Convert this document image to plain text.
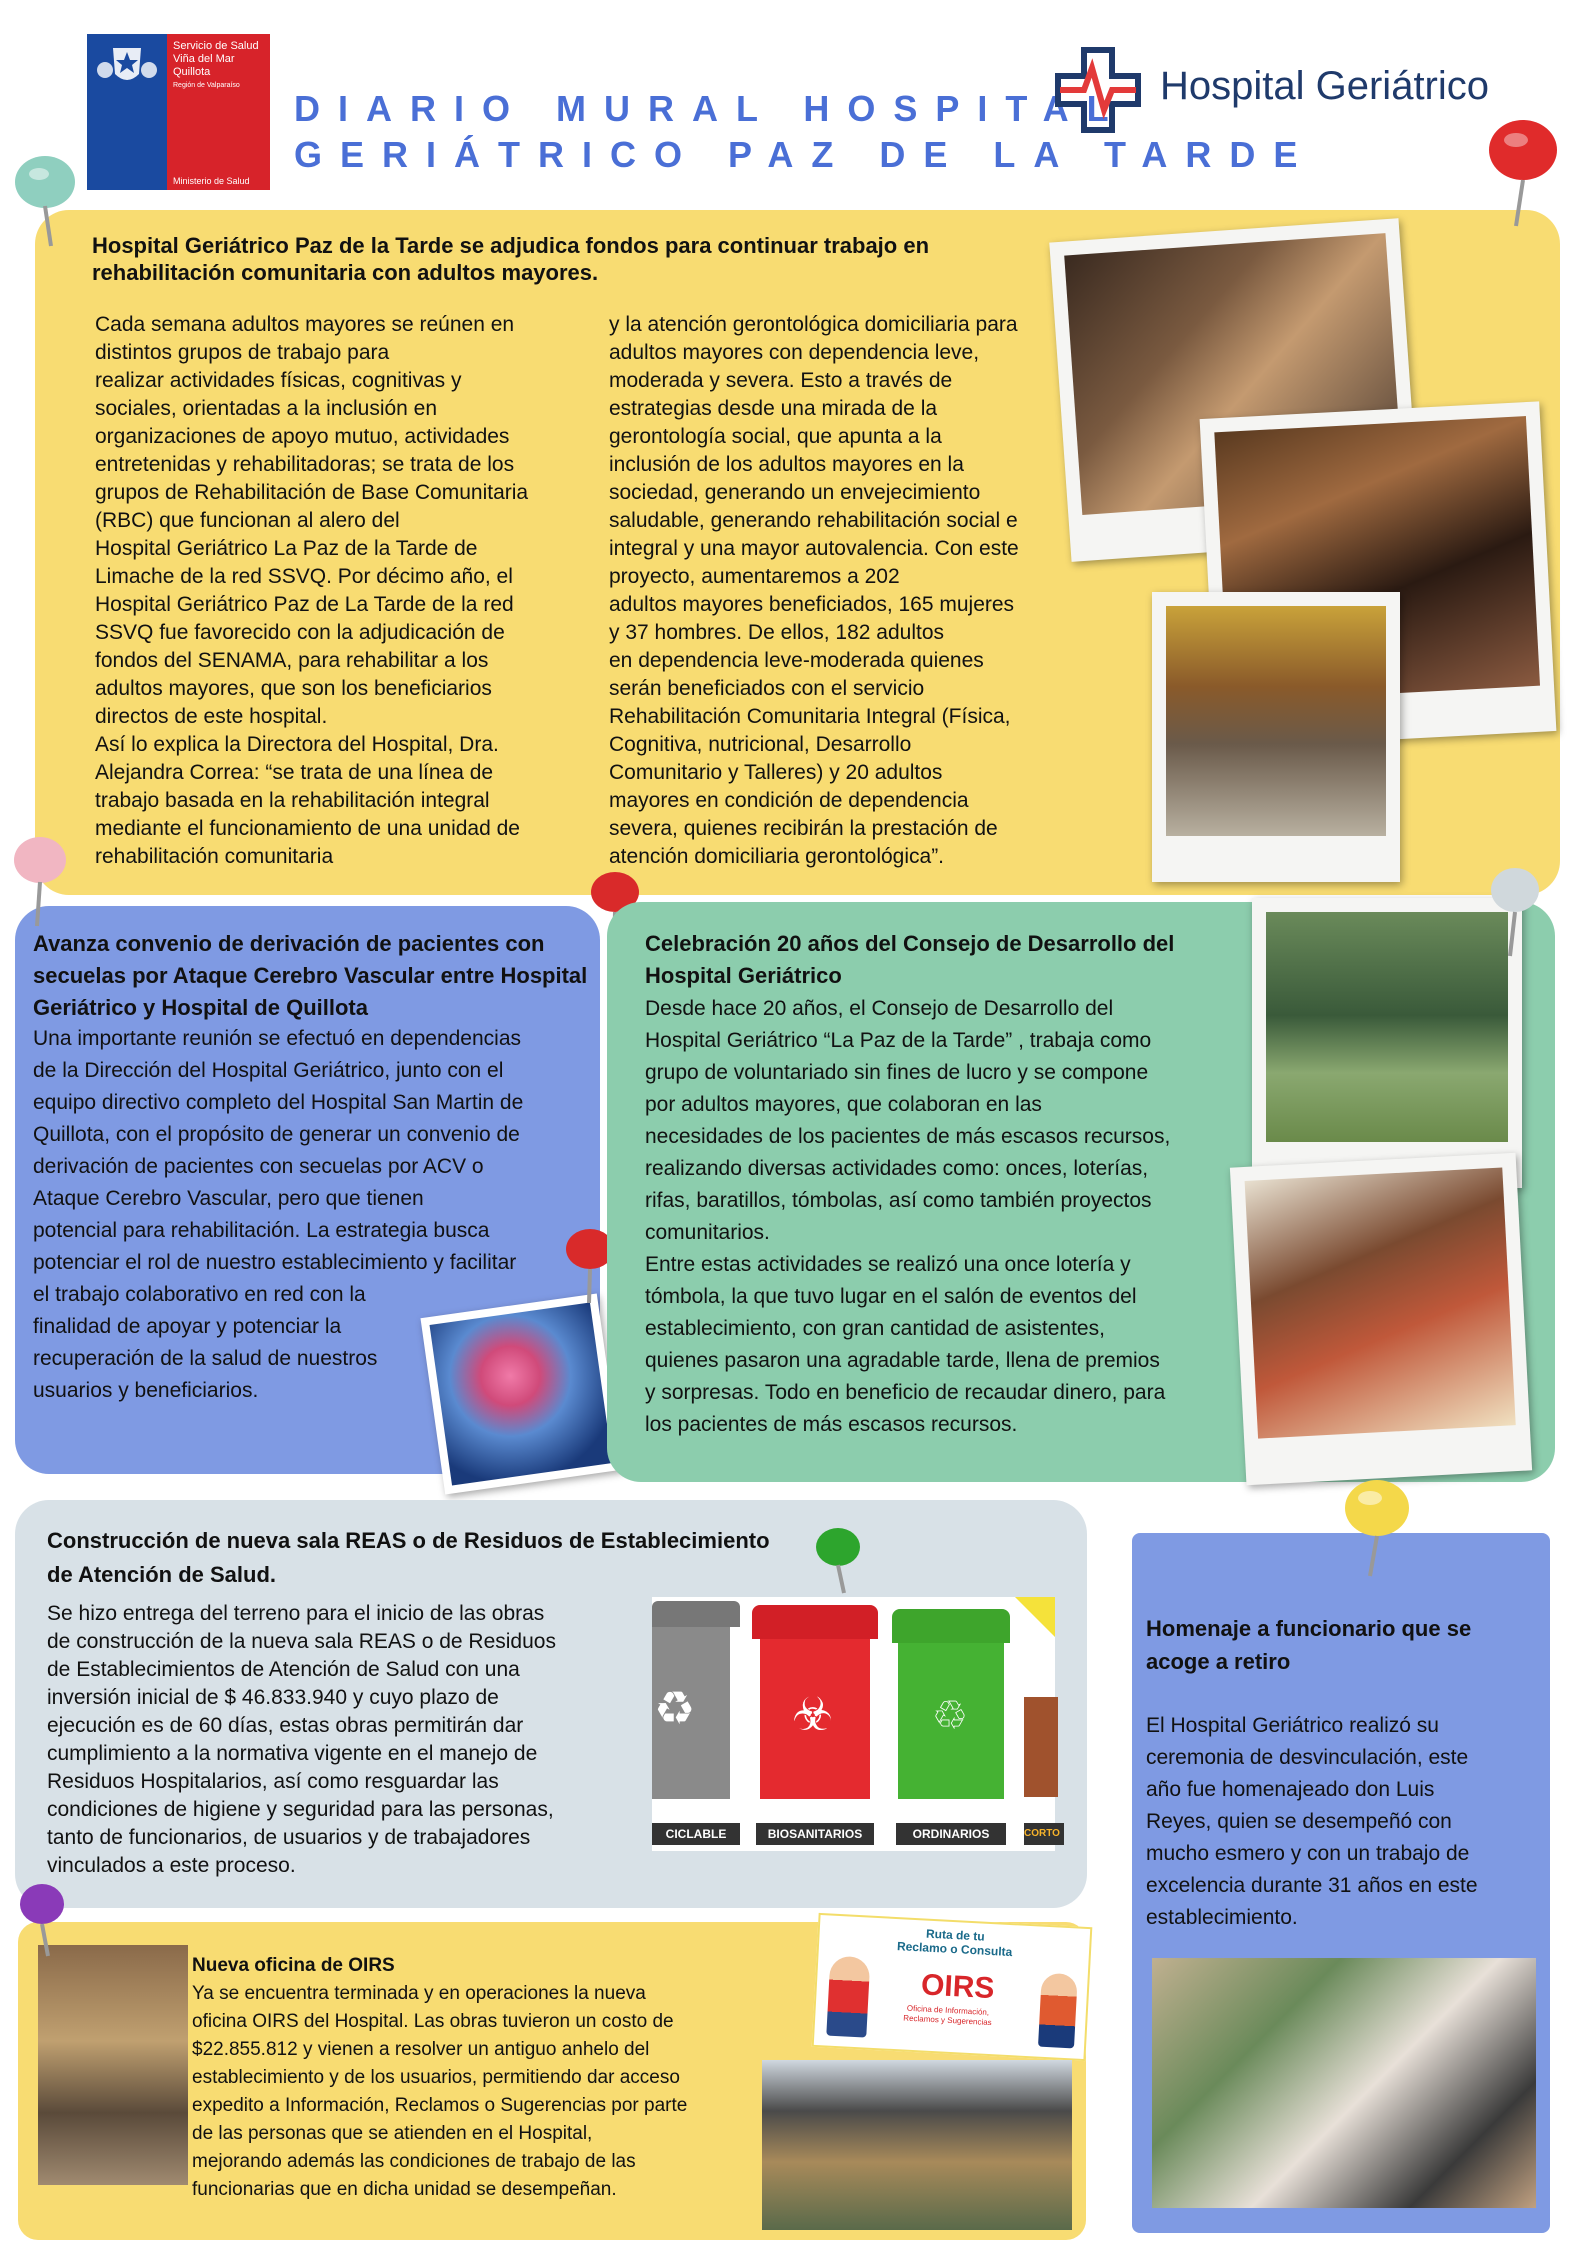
Servicio de Salud
Viña del Mar
Quillota
Región de Valparaíso
Ministerio de Salud
DIARIO MURAL HOSPITAL
GERIÁTRICO PAZ DE LA TARDE
Hospital Geriátrico
Hospital Geriátrico Paz de la Tarde se adjudica fondos para continuar trabajo en rehabilitación comunitaria con adultos mayores.
Cada semana adultos mayores se reúnen en
distintos grupos de trabajo para
realizar actividades físicas, cognitivas y
sociales, orientadas a la inclusión en
organizaciones de apoyo mutuo, actividades
entretenidas y rehabilitadoras; se trata de los
grupos de Rehabilitación de Base Comunitaria
(RBC) que funcionan al alero del
Hospital Geriátrico La Paz de la Tarde de
Limache de la red SSVQ. Por décimo año, el
Hospital Geriátrico Paz de La Tarde de la red
SSVQ fue favorecido con la adjudicación de
fondos del SENAMA, para rehabilitar a los
adultos mayores, que son los beneficiarios
directos de este hospital.
Así lo explica la Directora del Hospital, Dra.
Alejandra Correa: “se trata de una línea de
trabajo basada en la rehabilitación integral
mediante el funcionamiento de una unidad de
rehabilitación comunitaria
y la atención gerontológica domiciliaria para
adultos mayores con dependencia leve,
moderada y severa. Esto a través de
estrategias desde una mirada de la
gerontología social, que apunta a la
inclusión de los adultos mayores en la
sociedad, generando un envejecimiento
saludable, generando rehabilitación social e
integral y una mayor autovalencia. Con este
proyecto, aumentaremos a 202
adultos mayores beneficiados, 165 mujeres
y 37 hombres. De ellos, 182 adultos
en dependencia leve-moderada quienes
serán beneficiados con el servicio
Rehabilitación Comunitaria Integral (Física,
Cognitiva, nutricional, Desarrollo
Comunitario y Talleres) y 20 adultos
mayores en condición de dependencia
severa, quienes recibirán la prestación de
atención domiciliaria gerontológica”.
Avanza convenio de derivación de pacientes con secuelas por Ataque Cerebro Vascular entre Hospital Geriátrico y Hospital de Quillota
Una importante reunión se efectuó en dependencias
de la Dirección del Hospital Geriátrico, junto con el
equipo directivo completo del Hospital San Martin de
Quillota, con el propósito de generar un convenio de
derivación de pacientes con secuelas por ACV o
Ataque Cerebro Vascular, pero que tienen
potencial para rehabilitación. La estrategia busca
potenciar el rol de nuestro establecimiento y facilitar
el trabajo colaborativo en red con la
finalidad de apoyar y potenciar la
recuperación de la salud de nuestros
usuarios y beneficiarios.
Celebración 20 años del Consejo de Desarrollo del Hospital Geriátrico
Desde hace 20 años, el Consejo de Desarrollo del
Hospital Geriátrico “La Paz de la Tarde” , trabaja como
grupo de voluntariado sin fines de lucro y se compone
por adultos mayores, que colaboran en las
necesidades de los pacientes de más escasos recursos,
realizando diversas actividades como: onces, loterías,
rifas, baratillos, tómbolas, así como también proyectos
comunitarios.
Entre estas actividades se realizó una once lotería y
tómbola, la que tuvo lugar en el salón de eventos del
establecimiento, con gran cantidad de asistentes,
quienes pasaron una agradable tarde, llena de premios
y sorpresas. Todo en beneficio de recaudar dinero, para
los pacientes de más escasos recursos.
Construcción de nueva sala REAS o de Residuos de Establecimiento
de Atención de Salud.
Se hizo entrega del terreno para el inicio de las obras
de construcción de la nueva sala REAS o de Residuos
de Establecimientos de Atención de Salud con una
inversión inicial de $ 46.833.940 y cuyo plazo de
ejecución es de 60 días, estas obras permitirán dar
cumplimiento a la normativa vigente en el manejo de
Residuos Hospitalarios, así como resguardar las
condiciones de higiene y seguridad para las personas,
tanto de funcionarios, de usuarios y de trabajadores
vinculados a este proceso.
♻
CICLABLE
☣
BIOSANITARIOS
♲
ORDINARIOS	CORTO
Nueva oficina de OIRS
Ya se encuentra terminada y en operaciones la nueva
oficina OIRS del Hospital. Las obras tuvieron un costo de
$22.855.812 y vienen a resolver un antiguo anhelo del
establecimiento y de los usuarios, permitiendo dar acceso
expedito a Información, Reclamos o Sugerencias por parte
de las personas que se atienden en el Hospital,
mejorando además las condiciones de trabajo de las
funcionarias que en dicha unidad se desempeñan.
Ruta de tu
Reclamo o Consulta
OIRS
Oficina de Información,
Reclamos y Sugerencias
Homenaje a funcionario que se
acoge a retiro
El Hospital Geriátrico realizó su
ceremonia de desvinculación, este
año fue homenajeado don Luis
Reyes, quien se desempeñó con
mucho esmero y con un trabajo de
excelencia durante 31 años en este
establecimiento.
